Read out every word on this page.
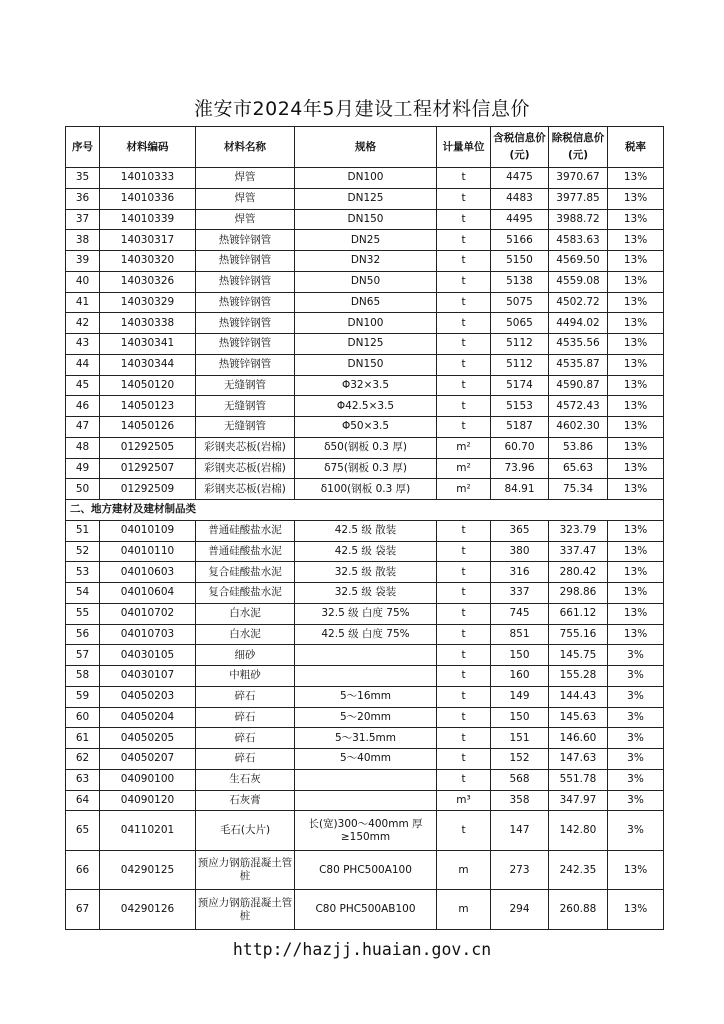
淮安市2024年5月建设工程材料信息价
序号	材料编码	材料名称	规格	计量单位	含税信息价(元)	除税信息价(元)	税率
35	14010333	焊管	DN100	t	4475	3970.67	13%
36	14010336	焊管	DN125	t	4483	3977.85	13%
37	14010339	焊管	DN150	t	4495	3988.72	13%
38	14030317	热镀锌钢管	DN25	t	5166	4583.63	13%
39	14030320	热镀锌钢管	DN32	t	5150	4569.50	13%
40	14030326	热镀锌钢管	DN50	t	5138	4559.08	13%
41	14030329	热镀锌钢管	DN65	t	5075	4502.72	13%
42	14030338	热镀锌钢管	DN100	t	5065	4494.02	13%
43	14030341	热镀锌钢管	DN125	t	5112	4535.56	13%
44	14030344	热镀锌钢管	DN150	t	5112	4535.87	13%
45	14050120	无缝钢管	Φ32×3.5	t	5174	4590.87	13%
46	14050123	无缝钢管	Φ42.5×3.5	t	5153	4572.43	13%
47	14050126	无缝钢管	Φ50×3.5	t	5187	4602.30	13%
48	01292505	彩钢夹芯板(岩棉)	δ50(钢板 0.3 厚)	m²	60.70	53.86	13%
49	01292507	彩钢夹芯板(岩棉)	δ75(钢板 0.3 厚)	m²	73.96	65.63	13%
50	01292509	彩钢夹芯板(岩棉)	δ100(钢板 0.3 厚)	m²	84.91	75.34	13%
二、地方建材及建材制品类							
51	04010109	普通硅酸盐水泥	42.5 级 散装	t	365	323.79	13%
52	04010110	普通硅酸盐水泥	42.5 级 袋装	t	380	337.47	13%
53	04010603	复合硅酸盐水泥	32.5 级 散装	t	316	280.42	13%
54	04010604	复合硅酸盐水泥	32.5 级 袋装	t	337	298.86	13%
55	04010702	白水泥	32.5 级 白度 75%	t	745	661.12	13%
56	04010703	白水泥	42.5 级 白度 75%	t	851	755.16	13%
57	04030105	细砂		t	150	145.75	3%
58	04030107	中粗砂		t	160	155.28	3%
59	04050203	碎石	5～16mm	t	149	144.43	3%
60	04050204	碎石	5～20mm	t	150	145.63	3%
61	04050205	碎石	5～31.5mm	t	151	146.60	3%
62	04050207	碎石	5～40mm	t	152	147.63	3%
63	04090100	生石灰		t	568	551.78	3%
64	04090120	石灰膏		m³	358	347.97	3%
65	04110201	毛石(大片)	长(宽)300～400mm 厚≥150mm	t	147	142.80	3%
66	04290125	预应力钢筋混凝土管桩	C80 PHC500A100	m	273	242.35	13%
67	04290126	预应力钢筋混凝土管桩	C80 PHC500AB100	m	294	260.88	13%
http://hazjj.huaian.gov.cn
